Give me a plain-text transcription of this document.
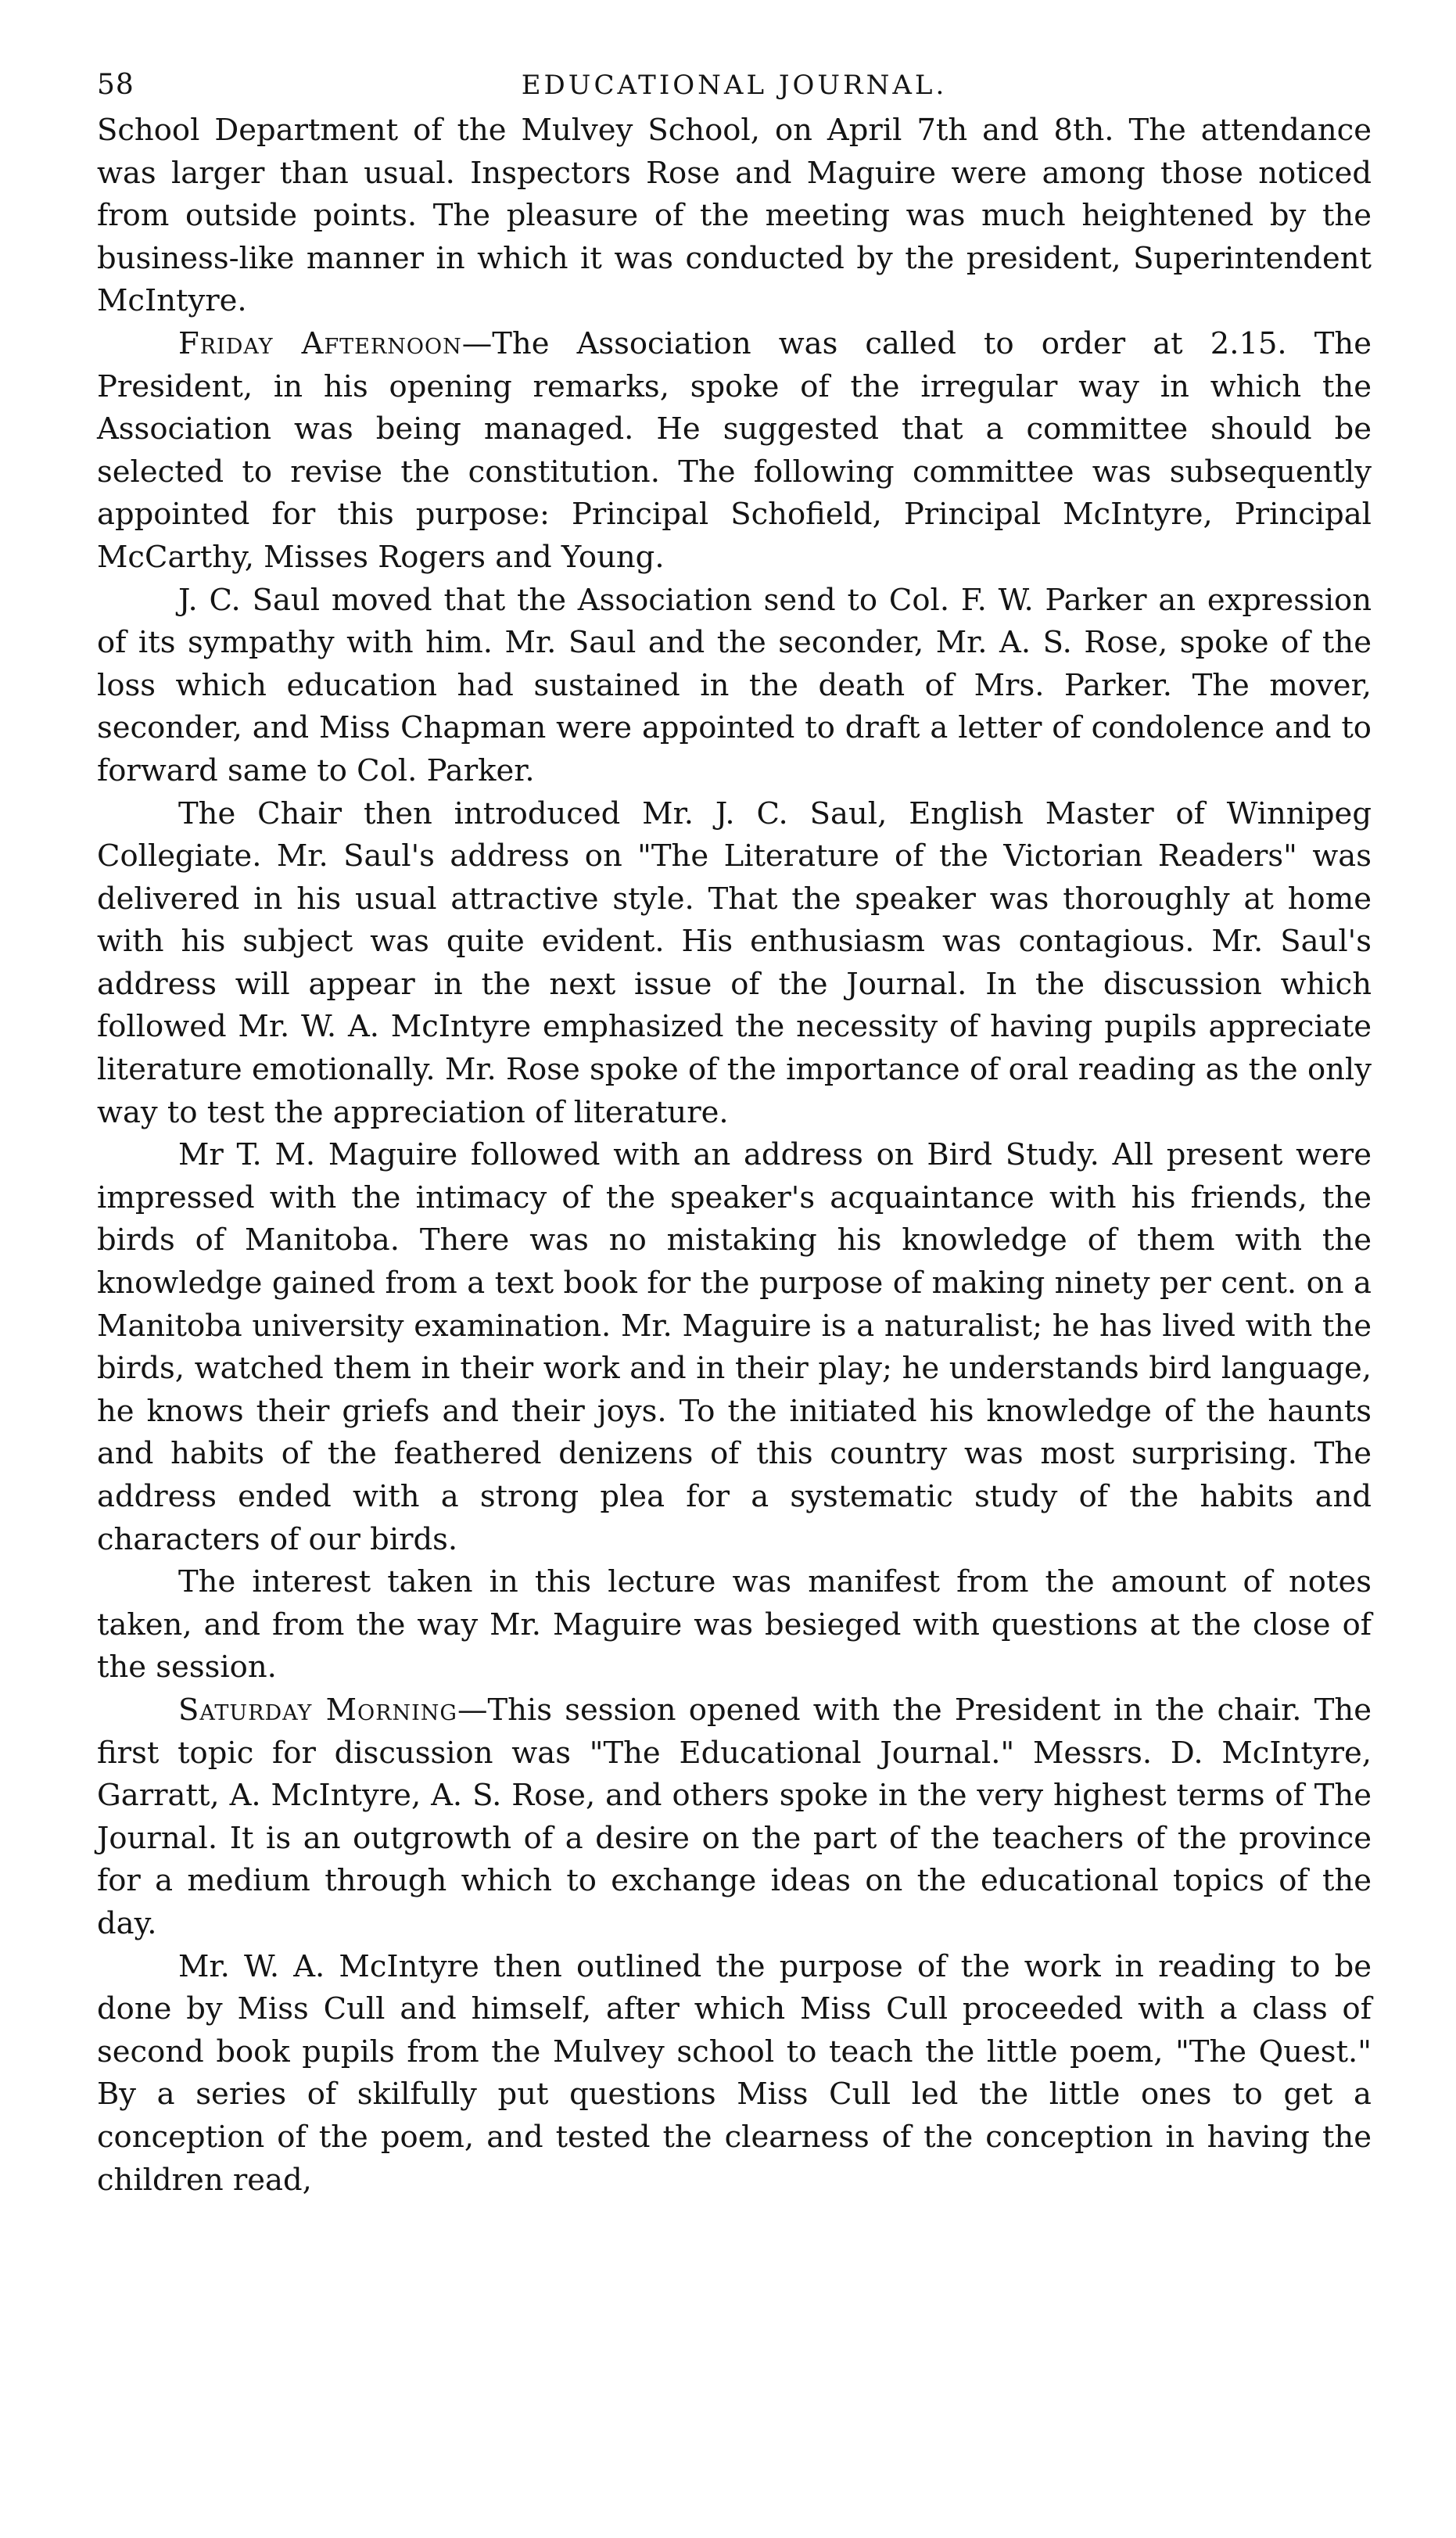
58	EDUCATIONAL JOURNAL.

School Department of the Mulvey School, on April 7th and 8th. The attendance was larger than usual. Inspectors Rose and Maguire were among those noticed from outside points. The pleasure of the meeting was much heightened by the business-like manner in which it was conducted by the president, Superintendent McIntyre.

Friday Afternoon—The Association was called to order at 2.15. The President, in his opening remarks, spoke of the irregular way in which the Association was being managed. He suggested that a committee should be selected to revise the constitution. The following committee was subsequently appointed for this purpose: Principal Schofield, Principal McIntyre, Principal McCarthy, Misses Rogers and Young.

J. C. Saul moved that the Association send to Col. F. W. Parker an expression of its sympathy with him. Mr. Saul and the seconder, Mr. A. S. Rose, spoke of the loss which education had sustained in the death of Mrs. Parker. The mover, seconder, and Miss Chapman were appointed to draft a letter of condolence and to forward same to Col. Parker.

The Chair then introduced Mr. J. C. Saul, English Master of Winnipeg Collegiate. Mr. Saul's address on "The Literature of the Victorian Readers" was delivered in his usual attractive style. That the speaker was thoroughly at home with his subject was quite evident. His enthusiasm was contagious. Mr. Saul's address will appear in the next issue of the Journal. In the discussion which followed Mr. W. A. McIntyre emphasized the necessity of having pupils appreciate literature emotionally. Mr. Rose spoke of the importance of oral reading as the only way to test the appreciation of literature.

Mr T. M. Maguire followed with an address on Bird Study. All present were impressed with the intimacy of the speaker's acquaintance with his friends, the birds of Manitoba. There was no mistaking his knowledge of them with the knowledge gained from a text book for the purpose of making ninety per cent. on a Manitoba university examination. Mr. Maguire is a naturalist; he has lived with the birds, watched them in their work and in their play; he understands bird language, he knows their griefs and their joys. To the initiated his knowledge of the haunts and habits of the feathered denizens of this country was most surprising. The address ended with a strong plea for a systematic study of the habits and characters of our birds.

The interest taken in this lecture was manifest from the amount of notes taken, and from the way Mr. Maguire was besieged with questions at the close of the session.

Saturday Morning—This session opened with the President in the chair. The first topic for discussion was "The Educational Journal." Messrs. D. McIntyre, Garratt, A. McIntyre, A. S. Rose, and others spoke in the very highest terms of The Journal. It is an outgrowth of a desire on the part of the teachers of the province for a medium through which to exchange ideas on the educational topics of the day.

Mr. W. A. McIntyre then outlined the purpose of the work in reading to be done by Miss Cull and himself, after which Miss Cull proceeded with a class of second book pupils from the Mulvey school to teach the little poem, "The Quest." By a series of skilfully put questions Miss Cull led the little ones to get a conception of the poem, and tested the clearness of the conception in having the children read,
